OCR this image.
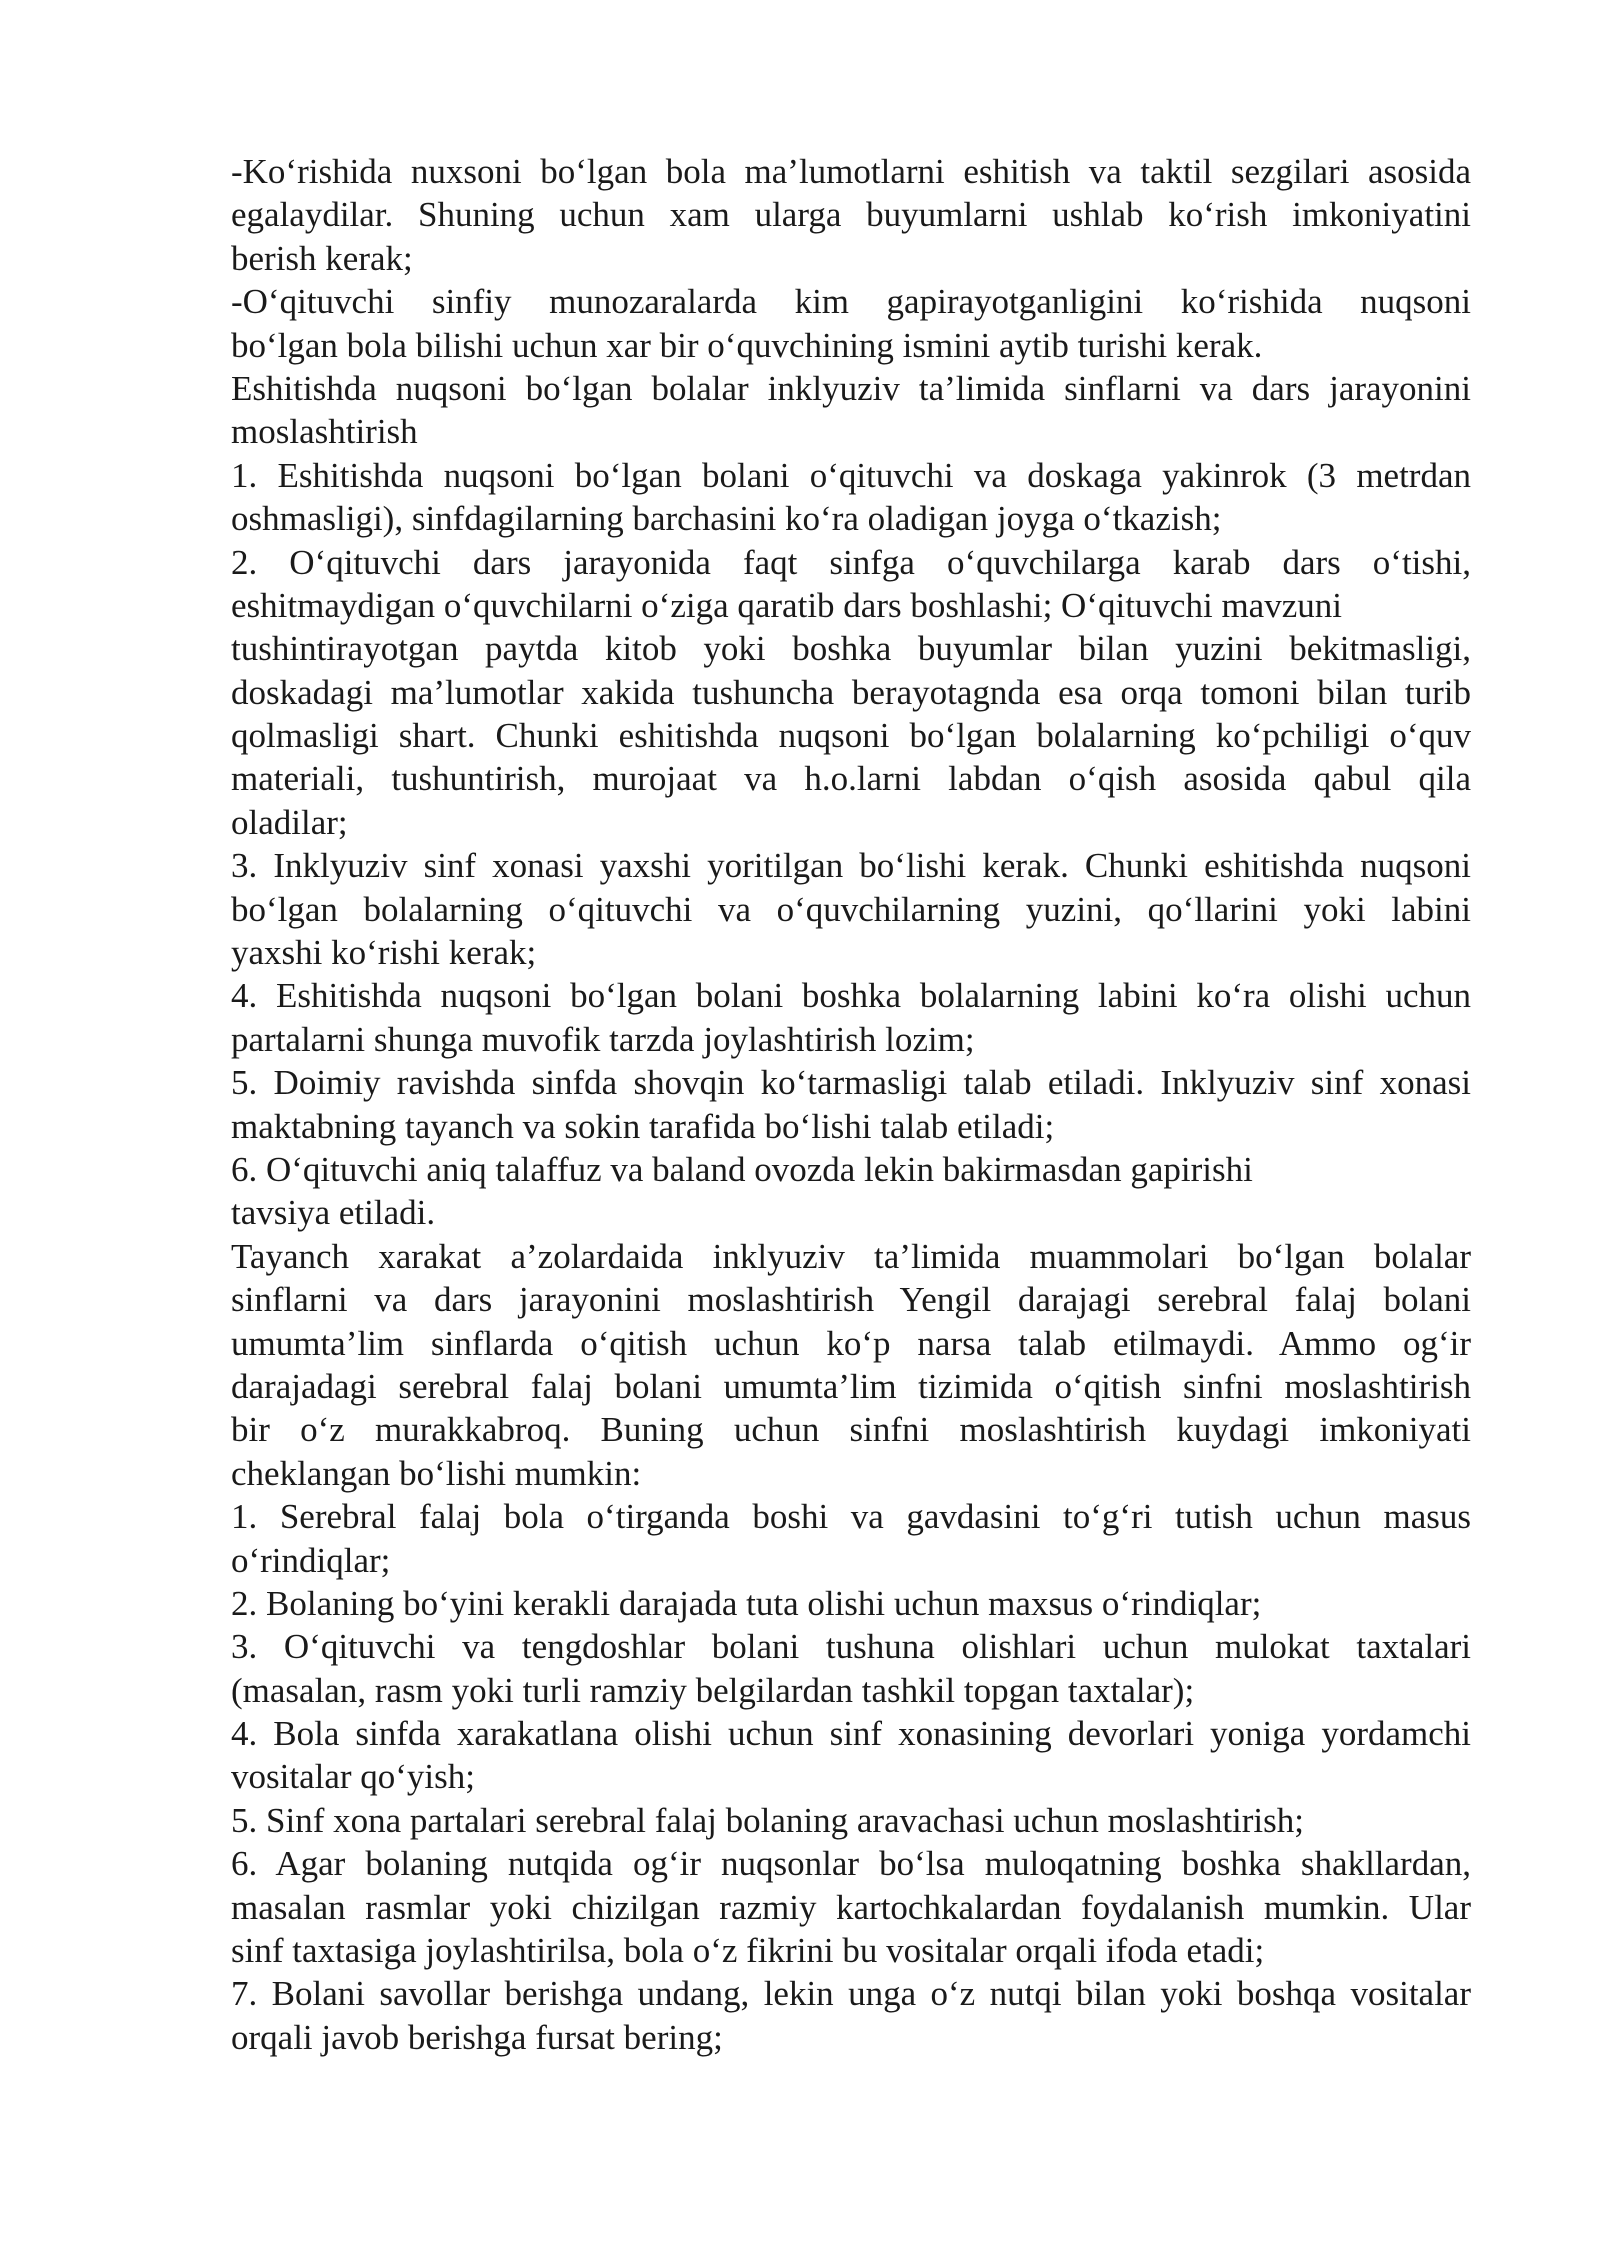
-Ko‘rishida nuxsoni bo‘lgan bola ma’lumotlarni eshitish va taktil sezgilari asosida
egalaydilar. Shuning uchun xam ularga buyumlarni ushlab ko‘rish imkoniyatini
berish kerak;
-O‘qituvchi sinfiy munozaralarda kim gapirayotganligini ko‘rishida nuqsoni
bo‘lgan bola bilishi uchun xar bir o‘quvchining ismini aytib turishi kerak.
Eshitishda nuqsoni bo‘lgan bolalar inklyuziv ta’limida sinflarni va dars jarayonini
moslashtirish
1. Eshitishda nuqsoni bo‘lgan bolani o‘qituvchi va doskaga yakinrok (3 metrdan
oshmasligi), sinfdagilarning barchasini ko‘ra oladigan joyga o‘tkazish;
2. O‘qituvchi dars jarayonida faqt sinfga o‘quvchilarga karab dars o‘tishi,
eshitmaydigan o‘quvchilarni o‘ziga qaratib dars boshlashi; O‘qituvchi mavzuni
tushintirayotgan paytda kitob yoki boshka buyumlar bilan yuzini bekitmasligi,
doskadagi ma’lumotlar xakida tushuncha berayotagnda esa orqa tomoni bilan turib
qolmasligi shart. Chunki eshitishda nuqsoni bo‘lgan bolalarning ko‘pchiligi o‘quv
materiali, tushuntirish, murojaat va h.o.larni labdan o‘qish asosida qabul qila
oladilar;
3. Inklyuziv sinf xonasi yaxshi yoritilgan bo‘lishi kerak. Chunki eshitishda nuqsoni
bo‘lgan bolalarning o‘qituvchi va o‘quvchilarning yuzini, qo‘llarini yoki labini
yaxshi ko‘rishi kerak;
4. Eshitishda nuqsoni bo‘lgan bolani boshka bolalarning labini ko‘ra olishi uchun
partalarni shunga muvofik tarzda joylashtirish lozim;
5. Doimiy ravishda sinfda shovqin ko‘tarmasligi talab etiladi. Inklyuziv sinf xonasi
maktabning tayanch va sokin tarafida bo‘lishi talab etiladi;
6. O‘qituvchi aniq talaffuz va baland ovozda lekin bakirmasdan gapirishi
tavsiya etiladi.
Tayanch xarakat a’zolardaida inklyuziv ta’limida muammolari bo‘lgan bolalar
sinflarni va dars jarayonini moslashtirish Yengil darajagi serebral falaj bolani
umumta’lim sinflarda o‘qitish uchun ko‘p narsa talab etilmaydi. Ammo og‘ir
darajadagi serebral falaj bolani umumta’lim tizimida o‘qitish sinfni moslashtirish
bir o‘z murakkabroq. Buning uchun sinfni moslashtirish kuydagi imkoniyati
cheklangan bo‘lishi mumkin:
1. Serebral falaj bola o‘tirganda boshi va gavdasini to‘g‘ri tutish uchun masus
o‘rindiqlar;
2. Bolaning bo‘yini kerakli darajada tuta olishi uchun maxsus o‘rindiqlar;
3. O‘qituvchi va tengdoshlar bolani tushuna olishlari uchun mulokat taxtalari
(masalan, rasm yoki turli ramziy belgilardan tashkil topgan taxtalar);
4. Bola sinfda xarakatlana olishi uchun sinf xonasining devorlari yoniga yordamchi
vositalar qo‘yish;
5. Sinf xona partalari serebral falaj bolaning aravachasi uchun moslashtirish;
6. Agar bolaning nutqida og‘ir nuqsonlar bo‘lsa muloqatning boshka shakllardan,
masalan rasmlar yoki chizilgan razmiy kartochkalardan foydalanish mumkin. Ular
sinf taxtasiga joylashtirilsa, bola o‘z fikrini bu vositalar orqali ifoda etadi;
7. Bolani savollar berishga undang, lekin unga o‘z nutqi bilan yoki boshqa vositalar
orqali javob berishga fursat bering;
